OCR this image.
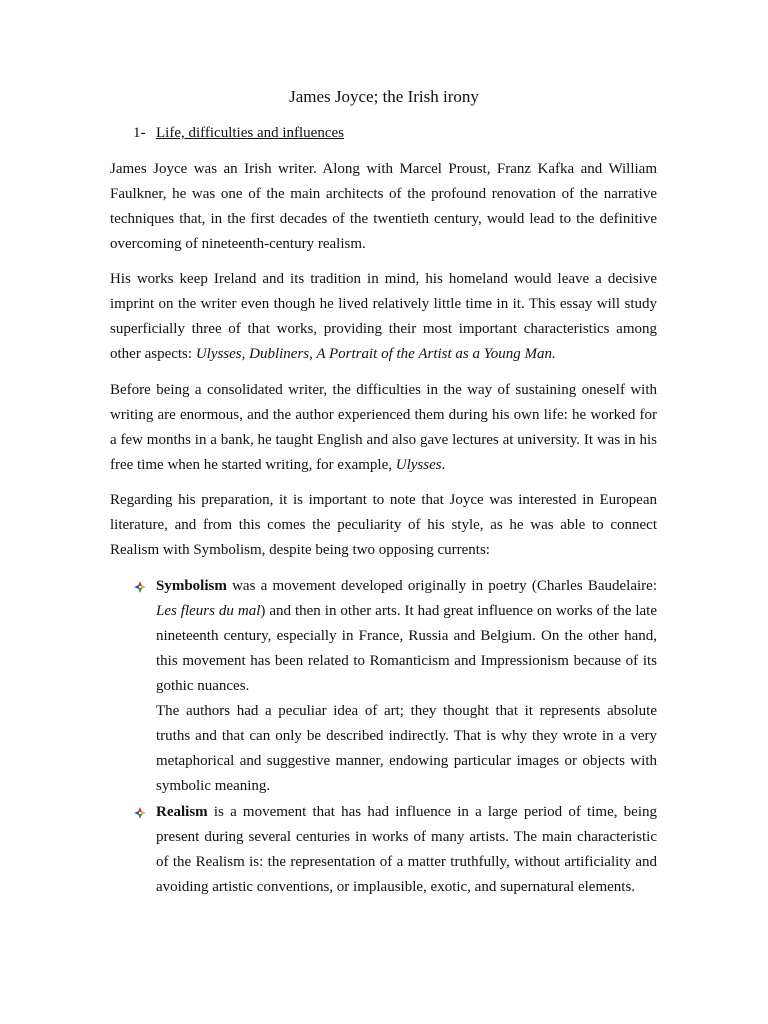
James Joyce; the Irish irony
1- Life, difficulties and influences

James Joyce was an Irish writer. Along with Marcel Proust, Franz Kafka and William Faulkner, he was one of the main architects of the profound renovation of the narrative techniques that, in the first decades of the twentieth century, would lead to the definitive overcoming of nineteenth-century realism.

His works keep Ireland and its tradition in mind, his homeland would leave a decisive imprint on the writer even though he lived relatively little time in it. This essay will study superficially three of that works, providing their most important characteristics among other aspects: Ulysses, Dubliners, A Portrait of the Artist as a Young Man.

Before being a consolidated writer, the difficulties in the way of sustaining oneself with writing are enormous, and the author experienced them during his own life: he worked for a few months in a bank, he taught English and also gave lectures at university. It was in his free time when he started writing, for example, Ulysses.

Regarding his preparation, it is important to note that Joyce was interested in European literature, and from this comes the peculiarity of his style, as he was able to connect Realism with Symbolism, despite being two opposing currents:

Symbolism was a movement developed originally in poetry (Charles Baudelaire: Les fleurs du mal) and then in other arts. It had great influence on works of the late nineteenth century, especially in France, Russia and Belgium. On the other hand, this movement has been related to Romanticism and Impressionism because of its gothic nuances.

The authors had a peculiar idea of art; they thought that it represents absolute truths and that can only be described indirectly. That is why they wrote in a very metaphorical and suggestive manner, endowing particular images or objects with symbolic meaning.

Realism is a movement that has had influence in a large period of time, being present during several centuries in works of many artists. The main characteristic of the Realism is: the representation of a matter truthfully, without artificiality and avoiding artistic conventions, or implausible, exotic, and supernatural elements.
